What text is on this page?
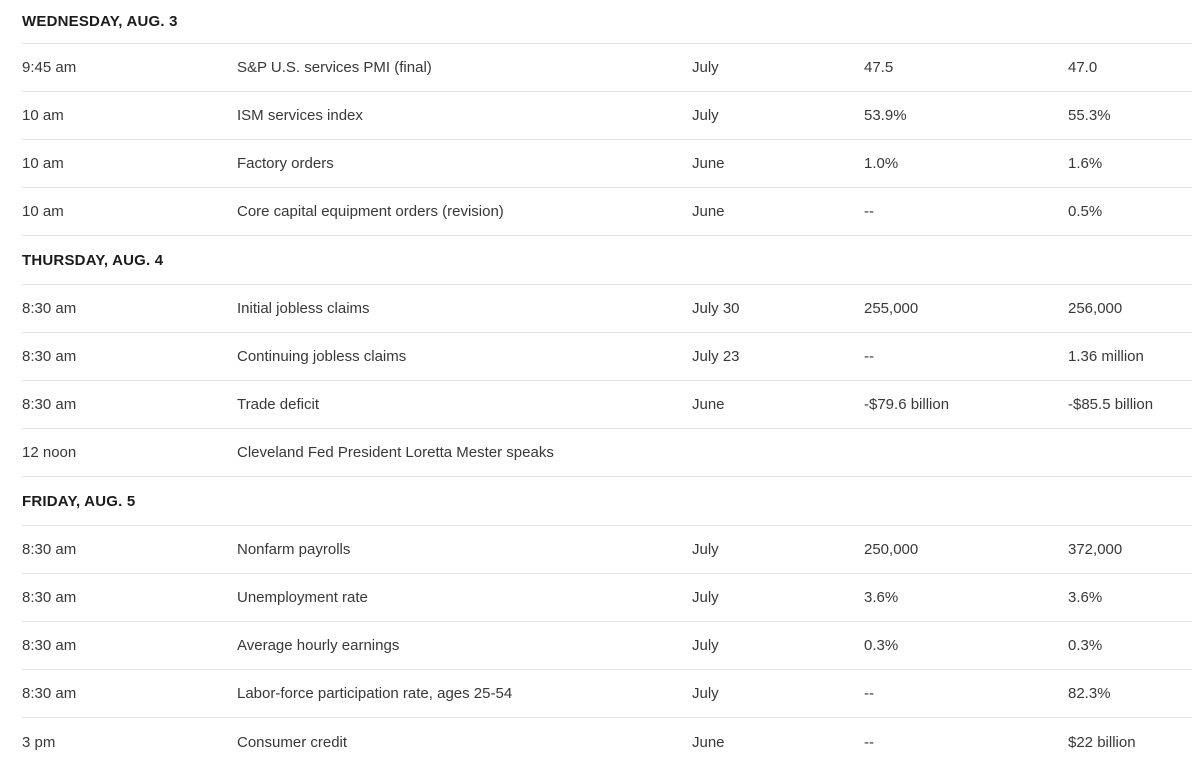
WEDNESDAY, AUG. 3
9:45 am	S&P U.S. services PMI (final)	July	47.5	47.0
10 am	ISM services index	July	53.9%	55.3%
10 am	Factory orders	June	1.0%	1.6%
10 am	Core capital equipment orders (revision)	June	--	0.5%
THURSDAY, AUG. 4
8:30 am	Initial jobless claims	July 30	255,000	256,000
8:30 am	Continuing jobless claims	July 23	--	1.36 million
8:30 am	Trade deficit	June	-$79.6 billion	-$85.5 billion
12 noon	Cleveland Fed President Loretta Mester speaks
FRIDAY, AUG. 5
8:30 am	Nonfarm payrolls	July	250,000	372,000
8:30 am	Unemployment rate	July	3.6%	3.6%
8:30 am	Average hourly earnings	July	0.3%	0.3%
8:30 am	Labor-force participation rate, ages 25-54	July	--	82.3%
3 pm	Consumer credit	June	--	$22 billion
